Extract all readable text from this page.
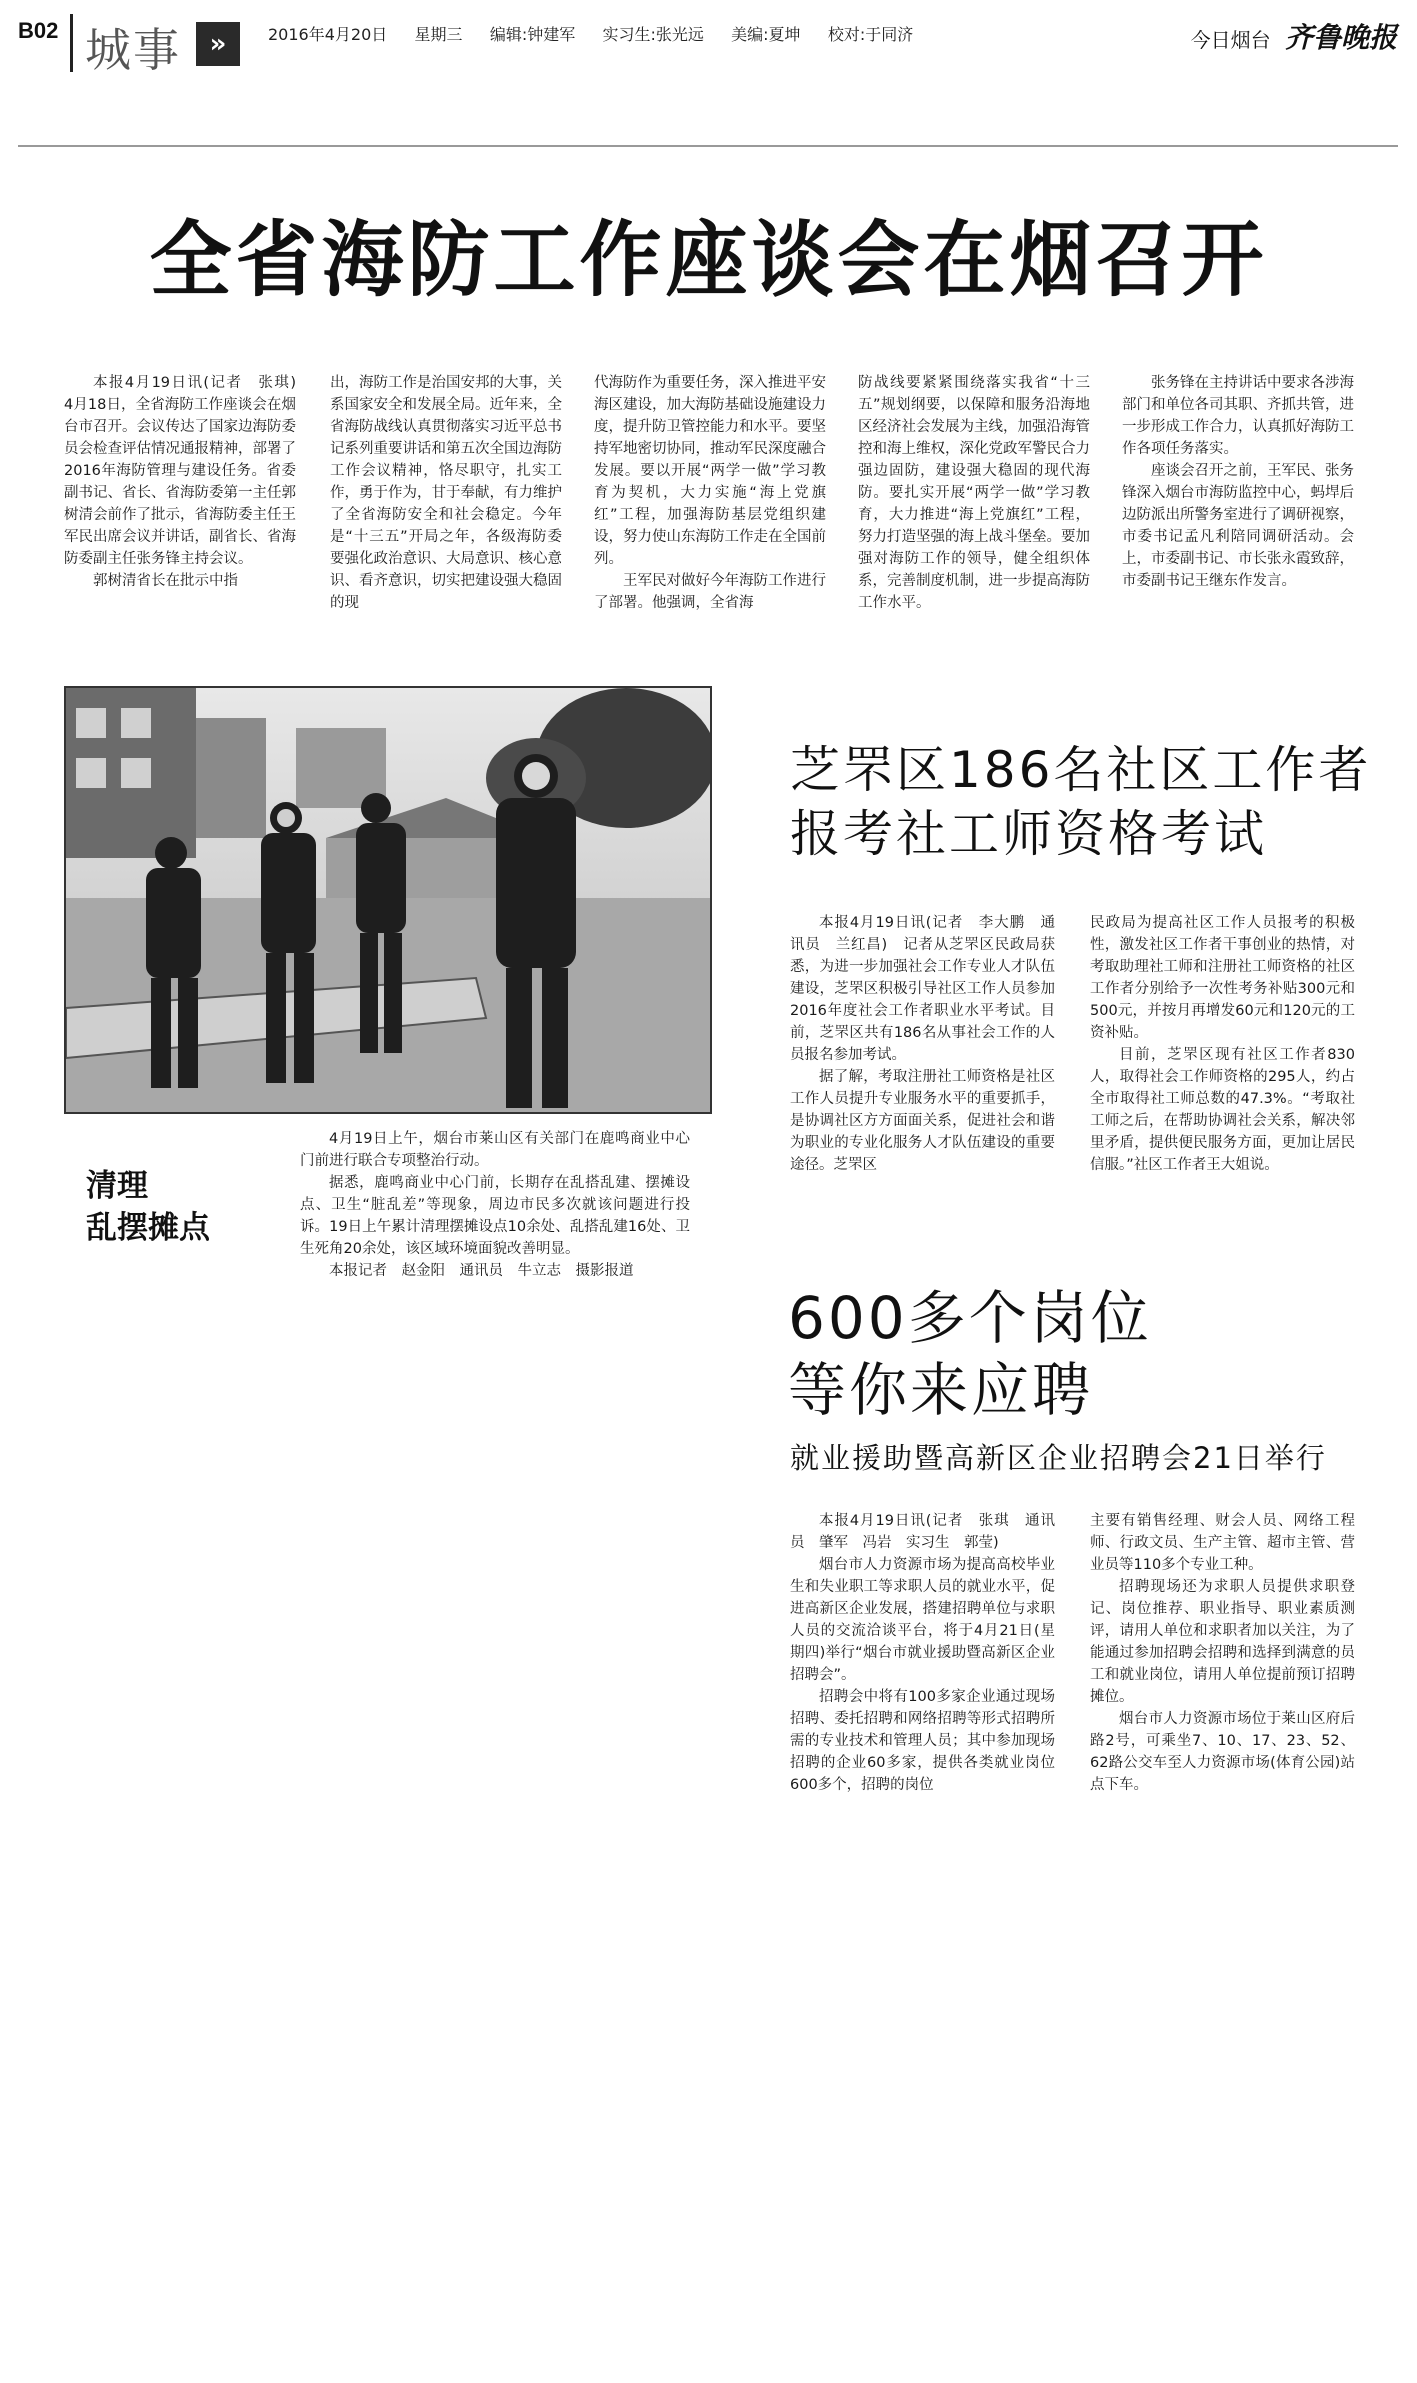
B02 城事	»	2016年4月20日 星期三 编辑:钟建军 实习生:张光远 美编:夏坤 校对:于同济	今日烟台 齐鲁晚报
全省海防工作座谈会在烟召开

本报4月19日讯(记者　张琪)　4月18日，全省海防工作座谈会在烟台市召开。会议传达了国家边海防委员会检查评估情况通报精神，部署了2016年海防管理与建设任务。省委副书记、省长、省海防委第一主任郭树清会前作了批示，省海防委主任王军民出席会议并讲话，副省长、省海防委副主任张务锋主持会议。

郭树清省长在批示中指

出，海防工作是治国安邦的大事，关系国家安全和发展全局。近年来，全省海防战线认真贯彻落实习近平总书记系列重要讲话和第五次全国边海防工作会议精神，恪尽职守，扎实工作，勇于作为，甘于奉献，有力维护了全省海防安全和社会稳定。今年是“十三五”开局之年，各级海防委要强化政治意识、大局意识、核心意识、看齐意识，切实把建设强大稳固的现

代海防作为重要任务，深入推进平安海区建设，加大海防基础设施建设力度，提升防卫管控能力和水平。要坚持军地密切协同，推动军民深度融合发展。要以开展“两学一做”学习教育为契机，大力实施“海上党旗红”工程，加强海防基层党组织建设，努力使山东海防工作走在全国前列。

王军民对做好今年海防工作进行了部署。他强调，全省海

防战线要紧紧围绕落实我省“十三五”规划纲要，以保障和服务沿海地区经济社会发展为主线，加强沿海管控和海上维权，深化党政军警民合力强边固防，建设强大稳固的现代海防。要扎实开展“两学一做”学习教育，大力推进“海上党旗红”工程，努力打造坚强的海上战斗堡垒。要加强对海防工作的领导，健全组织体系，完善制度机制，进一步提高海防工作水平。

张务锋在主持讲话中要求各涉海部门和单位各司其职、齐抓共管，进一步形成工作合力，认真抓好海防工作各项任务落实。

座谈会召开之前，王军民、张务锋深入烟台市海防监控中心，蚂垾后边防派出所警务室进行了调研视察，市委书记孟凡利陪同调研活动。会上，市委副书记、市长张永霞致辞，市委副书记王继东作发言。

清理
乱摆摊点

4月19日上午，烟台市莱山区有关部门在鹿鸣商业中心门前进行联合专项整治行动。

据悉，鹿鸣商业中心门前，长期存在乱搭乱建、摆摊设点、卫生“脏乱差”等现象，周边市民多次就该问题进行投诉。19日上午累计清理摆摊设点10余处、乱搭乱建16处、卫生死角20余处，该区域环境面貌改善明显。

本报记者　赵金阳　通讯员　牛立志　摄影报道

芝罘区186名社区工作者
报考社工师资格考试

本报4月19日讯(记者　李大鹏　通讯员　兰红昌)　记者从芝罘区民政局获悉，为进一步加强社会工作专业人才队伍建设，芝罘区积极引导社区工作人员参加2016年度社会工作者职业水平考试。目前，芝罘区共有186名从事社会工作的人员报名参加考试。

据了解，考取注册社工师资格是社区工作人员提升专业服务水平的重要抓手，是协调社区方方面面关系，促进社会和谐为职业的专业化服务人才队伍建设的重要途径。芝罘区

民政局为提高社区工作人员报考的积极性，激发社区工作者干事创业的热情，对考取助理社工师和注册社工师资格的社区工作者分别给予一次性考务补贴300元和500元，并按月再增发60元和120元的工资补贴。

目前，芝罘区现有社区工作者830人，取得社会工作师资格的295人，约占全市取得社工师总数的47.3%。“考取社工师之后，在帮助协调社会关系，解决邻里矛盾，提供便民服务方面，更加让居民信服。”社区工作者王大姐说。

600多个岗位
等你来应聘
就业援助暨高新区企业招聘会21日举行

本报4月19日讯(记者　张琪　通讯员　肇军　冯岩　实习生　郭莹)

烟台市人力资源市场为提高高校毕业生和失业职工等求职人员的就业水平，促进高新区企业发展，搭建招聘单位与求职人员的交流洽谈平台，将于4月21日(星期四)举行“烟台市就业援助暨高新区企业招聘会”。

招聘会中将有100多家企业通过现场招聘、委托招聘和网络招聘等形式招聘所需的专业技术和管理人员；其中参加现场招聘的企业60多家，提供各类就业岗位600多个，招聘的岗位

主要有销售经理、财会人员、网络工程师、行政文员、生产主管、超市主管、营业员等110多个专业工种。

招聘现场还为求职人员提供求职登记、岗位推荐、职业指导、职业素质测评，请用人单位和求职者加以关注，为了能通过参加招聘会招聘和选择到满意的员工和就业岗位，请用人单位提前预订招聘摊位。

烟台市人力资源市场位于莱山区府后路2号，可乘坐7、10、17、23、52、62路公交车至人力资源市场(体育公园)站点下车。
